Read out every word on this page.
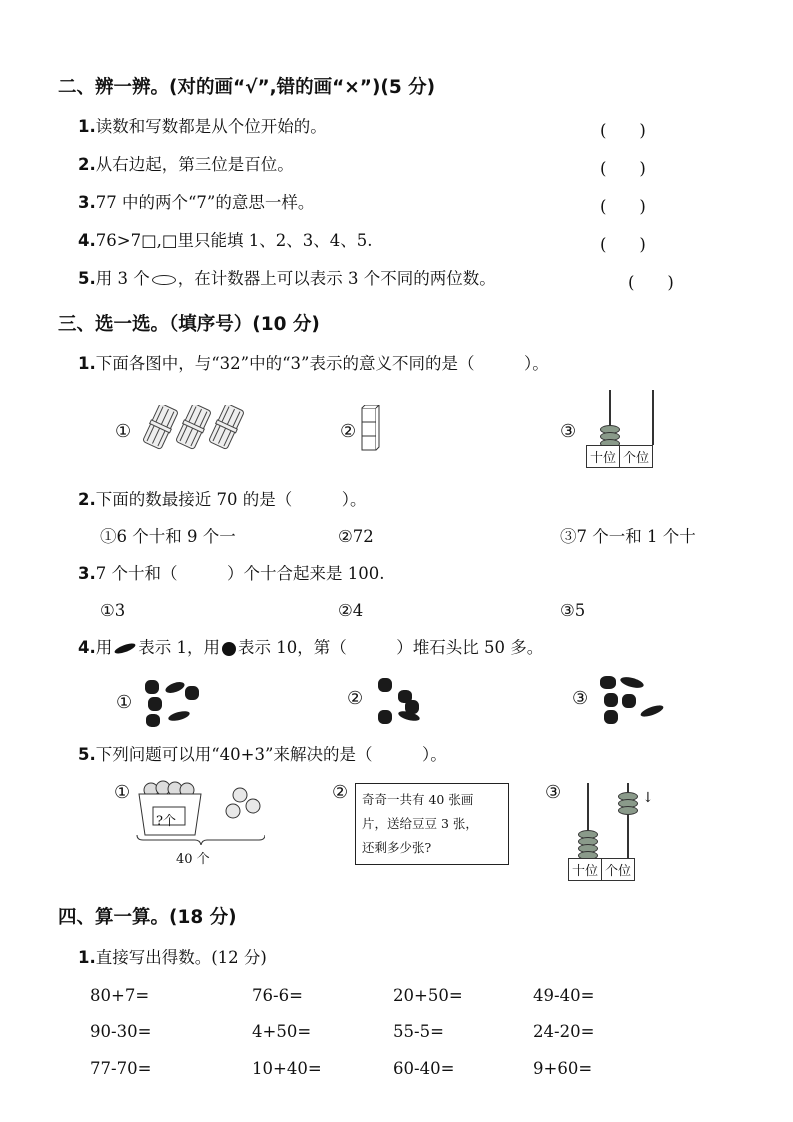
二、辨一辨。(对的画“√”,错的画“×”)(5 分)
1.读数和写数都是从个位开始的。	(　　)
2.从右边起，第三位是百位。	(　　)
3.77 中的两个“7”的意思一样。	(　　)
4.76>7□,□里只能填 1、2、3、4、5.	(　　)
5.用 3 个 ，在计数器上可以表示 3 个不同的两位数。	(　　)
三、选一选。（填序号）(10 分)
1.下面各图中，与“32”中的“3”表示的意义不同的是（　　　）。
①	②	③
十位 个位
2.下面的数最接近 70 的是（　　　）。
①6 个十和 9 个一	②72	③7 个一和 1 个十
3.7 个十和（　　　）个十合起来是 100.
①3	②4	③5
4.用 表示 1，用 表示 10，第（　　　）堆石头比 50 多。
①	②	③
5.下列问题可以用“40+3”来解决的是（　　　）。
①
?个
40 个
② 奇奇一共有 40 张画
片，送给豆豆 3 张，
还剩多少张?
③	↓
十位 个位
四、算一算。(18 分)
1.直接写出得数。(12 分)
80+7=	76-6=	20+50=	49-40=
90-30=	4+50=	55-5=	24-20=
77-70=	10+40=	60-40=	9+60=
